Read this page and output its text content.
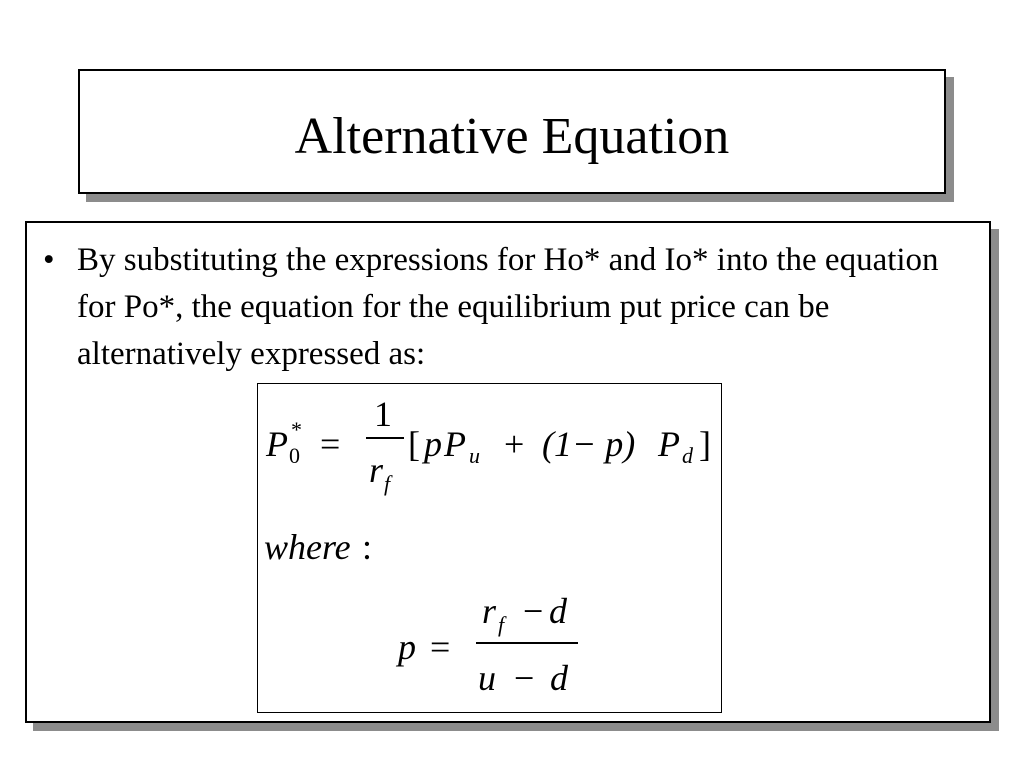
Alternative Equation
• By substituting the expressions for Ho* and Io* into the equation for Po*, the equation for the equilibrium put price can be alternatively expressed as:
P 0
* =
1
r f
[ p P u + (1− p) P d ]
where :
p =
r f − d
u − d
